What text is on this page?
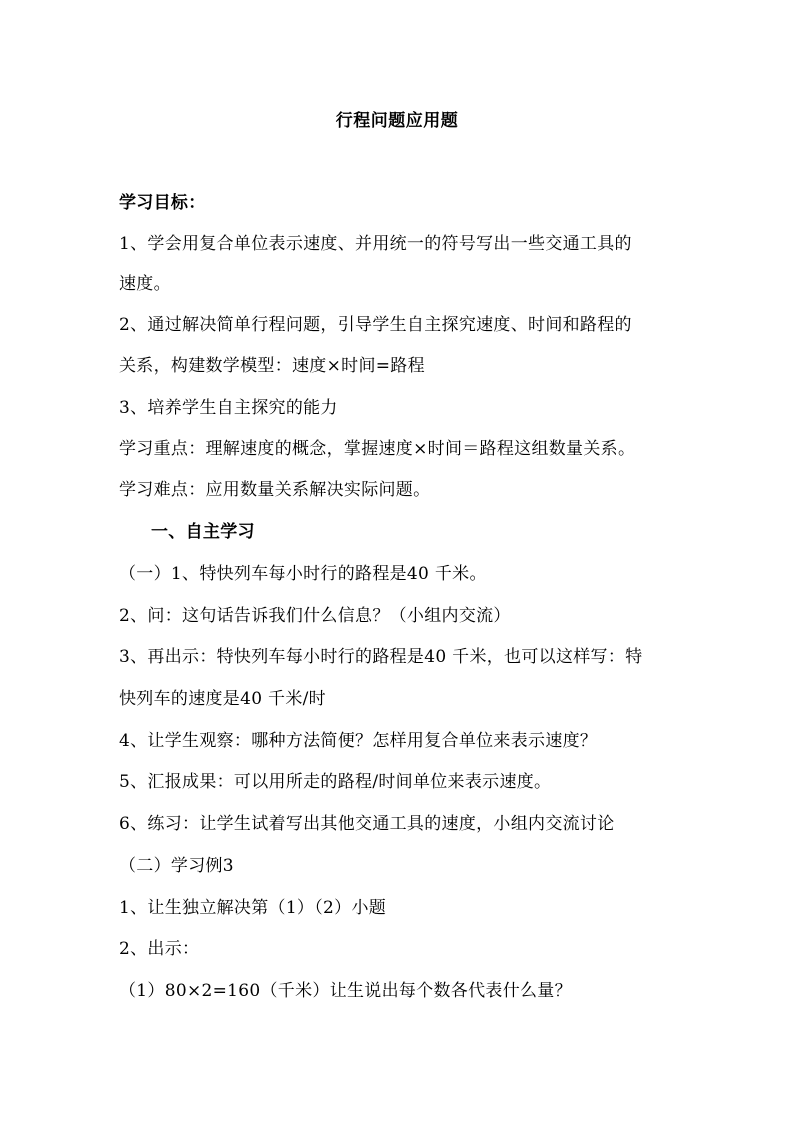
行程问题应用题
学习目标：
1、学会用复合单位表示速度、并用统一的符号写出一些交通工具的
速度。
2、通过解决简单行程问题，引导学生自主探究速度、时间和路程的
关系，构建数学模型：速度×时间=路程
3、培养学生自主探究的能力
学习重点：理解速度的概念，掌握速度×时间＝路程这组数量关系。
学习难点：应用数量关系解决实际问题。
一、自主学习
（一）1、特快列车每小时行的路程是40 千米。
2、问：这句话告诉我们什么信息？（小组内交流）
3、再出示：特快列车每小时行的路程是40 千米，也可以这样写：特
快列车的速度是40 千米/时
4、让学生观察：哪种方法简便？怎样用复合单位来表示速度？
5、汇报成果：可以用所走的路程/时间单位来表示速度。
6、练习：让学生试着写出其他交通工具的速度，小组内交流讨论
（二）学习例3
1、让生独立解决第（1）（2）小题
2、出示：
（1）80×2=160（千米）让生说出每个数各代表什么量？
